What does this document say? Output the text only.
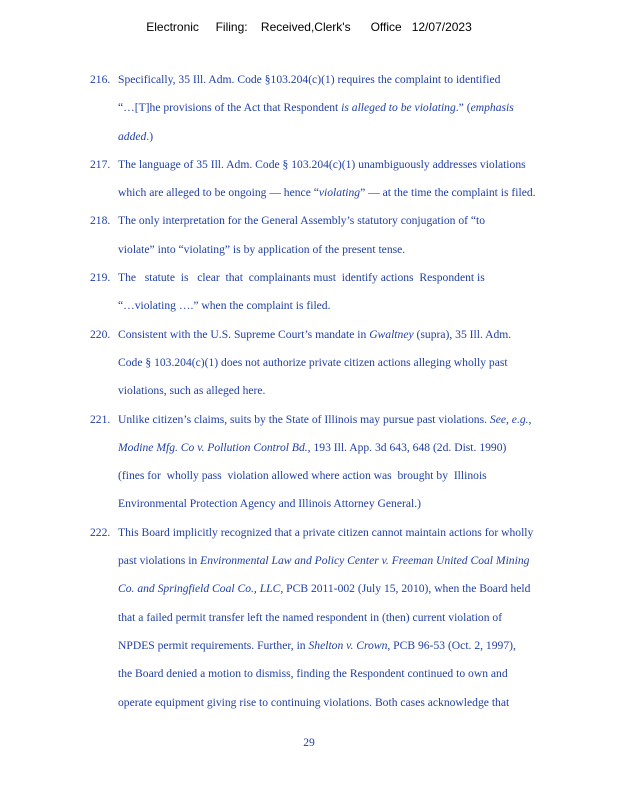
Electronic     Filing:    Received,Clerk's      Office   12/07/2023
216. Specifically, 35 Ill. Adm. Code §103.204(c)(1) requires the complaint to identified
“…[T]he provisions of the Act that Respondent is alleged to be violating.” (emphasis
added.)
217. The language of 35 Ill. Adm. Code § 103.204(c)(1) unambiguously addresses violations
which are alleged to be ongoing — hence “violating” — at the time the complaint is filed.
218. The only interpretation for the General Assembly’s statutory conjugation of “to
violate” into “violating” is by application of the present tense.
219. The   statute  is   clear  that  complainants must  identify actions  Respondent is
“…violating ….” when the complaint is filed.
220. Consistent with the U.S. Supreme Court’s mandate in Gwaltney (supra), 35 Ill. Adm.
Code § 103.204(c)(1) does not authorize private citizen actions alleging wholly past
violations, such as alleged here.
221. Unlike citizen’s claims, suits by the State of Illinois may pursue past violations. See, e.g.,
Modine Mfg. Co v. Pollution Control Bd., 193 Ill. App. 3d 643, 648 (2d. Dist. 1990)
(fines for  wholly pass  violation allowed where action was  brought by  Illinois
Environmental Protection Agency and Illinois Attorney General.)
222. This Board implicitly recognized that a private citizen cannot maintain actions for wholly
past violations in Environmental Law and Policy Center v. Freeman United Coal Mining
Co. and Springfield Coal Co., LLC, PCB 2011-002 (July 15, 2010), when the Board held
that a failed permit transfer left the named respondent in (then) current violation of
NPDES permit requirements. Further, in Shelton v. Crown, PCB 96-53 (Oct. 2, 1997),
the Board denied a motion to dismiss, finding the Respondent continued to own and
operate equipment giving rise to continuing violations. Both cases acknowledge that
29
